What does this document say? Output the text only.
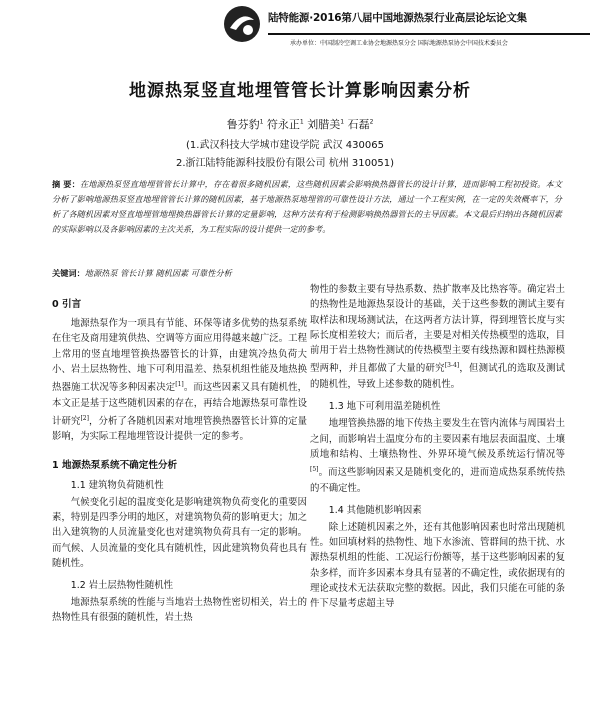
陆特能源·2016第八届中国地源热泵行业高层论坛论文集
承办单位：中国制冷空调工业协会地源热泵分会 国际地源热泵协会中国技术委员会
地源热泵竖直地埋管管长计算影响因素分析
鲁芬豹$^1$ 符永正$^1$ 刘腊美$^1$ 石磊$^2$
(1.武汉科技大学城市建设学院 武汉 430065
2.浙江陆特能源科技股份有限公司 杭州 310051)
摘 要：在地源热泵竖直地埋管管长计算中，存在着很多随机因素，这些随机因素会影响换热器管长的设计计算，进而影响工程初投资。本文分析了影响地源热泵竖直地埋管管长计算的随机因素，基于地源热泵地埋管的可靠性设计方法，通过一个工程实例，在一定的失效概率下，分析了各随机因素对竖直地埋管地埋换热器管长计算的定量影响，这种方法有利于检测影响换热器管长的主导因素。本文最后归纳出各随机因素的实际影响以及各影响因素的主次关系，为工程实际的设计提供一定的参考。
关键词：地源热泵 管长计算 随机因素 可靠性分析
0 引言

地源热泵作为一项具有节能、环保等诸多优势的热泵系统在住宅及商用建筑供热、空调等方面应用得越来越广泛。工程上常用的竖直地埋管换热器管长的计算，由建筑冷热负荷大小、岩土层热物性、地下可利用温差、热泵机组性能及地热换热器施工状况等多种因素决定[1]。而这些因素又具有随机性，本文正是基于这些随机因素的存在，再结合地源热泵可靠性设计研究[2]，分析了各随机因素对地埋管换热器管长计算的定量影响，为实际工程地埋管设计提供一定的参考。

1 地源热泵系统不确定性分析
1.1 建筑物负荷随机性

气候变化引起的温度变化是影响建筑物负荷变化的重要因素，特别是四季分明的地区，对建筑物负荷的影响更大；加之出入建筑物的人员流量变化也对建筑物负荷具有一定的影响。而气候、人员流量的变化具有随机性，因此建筑物负荷也具有随机性。

1.2 岩土层热物性随机性

地源热泵系统的性能与当地岩土热物性密切相关，岩土的热物性具有很强的随机性，岩土热

物性的参数主要有导热系数、热扩散率及比热容等。确定岩土的热物性是地源热泵设计的基础，关于这些参数的测试主要有取样法和现场测试法，在这两者方法计算，得到埋管长度与实际长度相差较大；而后者，主要是对相关传热模型的选取，目前用于岩土热物性测试的传热模型主要有线热源和圆柱热源模型两种，并且都做了大量的研究[3-4]，但测试孔的选取及测试的随机性，导致上述参数的随机性。

1.3 地下可利用温差随机性

地埋管换热器的地下传热主要发生在管内流体与周围岩土之间，而影响岩土温度分布的主要因素有地层表面温度、土壤质地和结构、土壤热物性、外界环境气候及系统运行情况等[5]。而这些影响因素又是随机变化的，进而造成热泵系统传热的不确定性。

1.4 其他随机影响因素

除上述随机因素之外，还有其他影响因素也时常出现随机性。如回填材料的热物性、地下水渗流、管群间的热干扰、水源热泵机组的性能、工况运行份额等，基于这些影响因素的复杂多样，而许多因素本身具有显著的不确定性，或依据现有的理论或技术无法获取完整的数据。因此，我们只能在可能的条件下尽量考虑超主导
